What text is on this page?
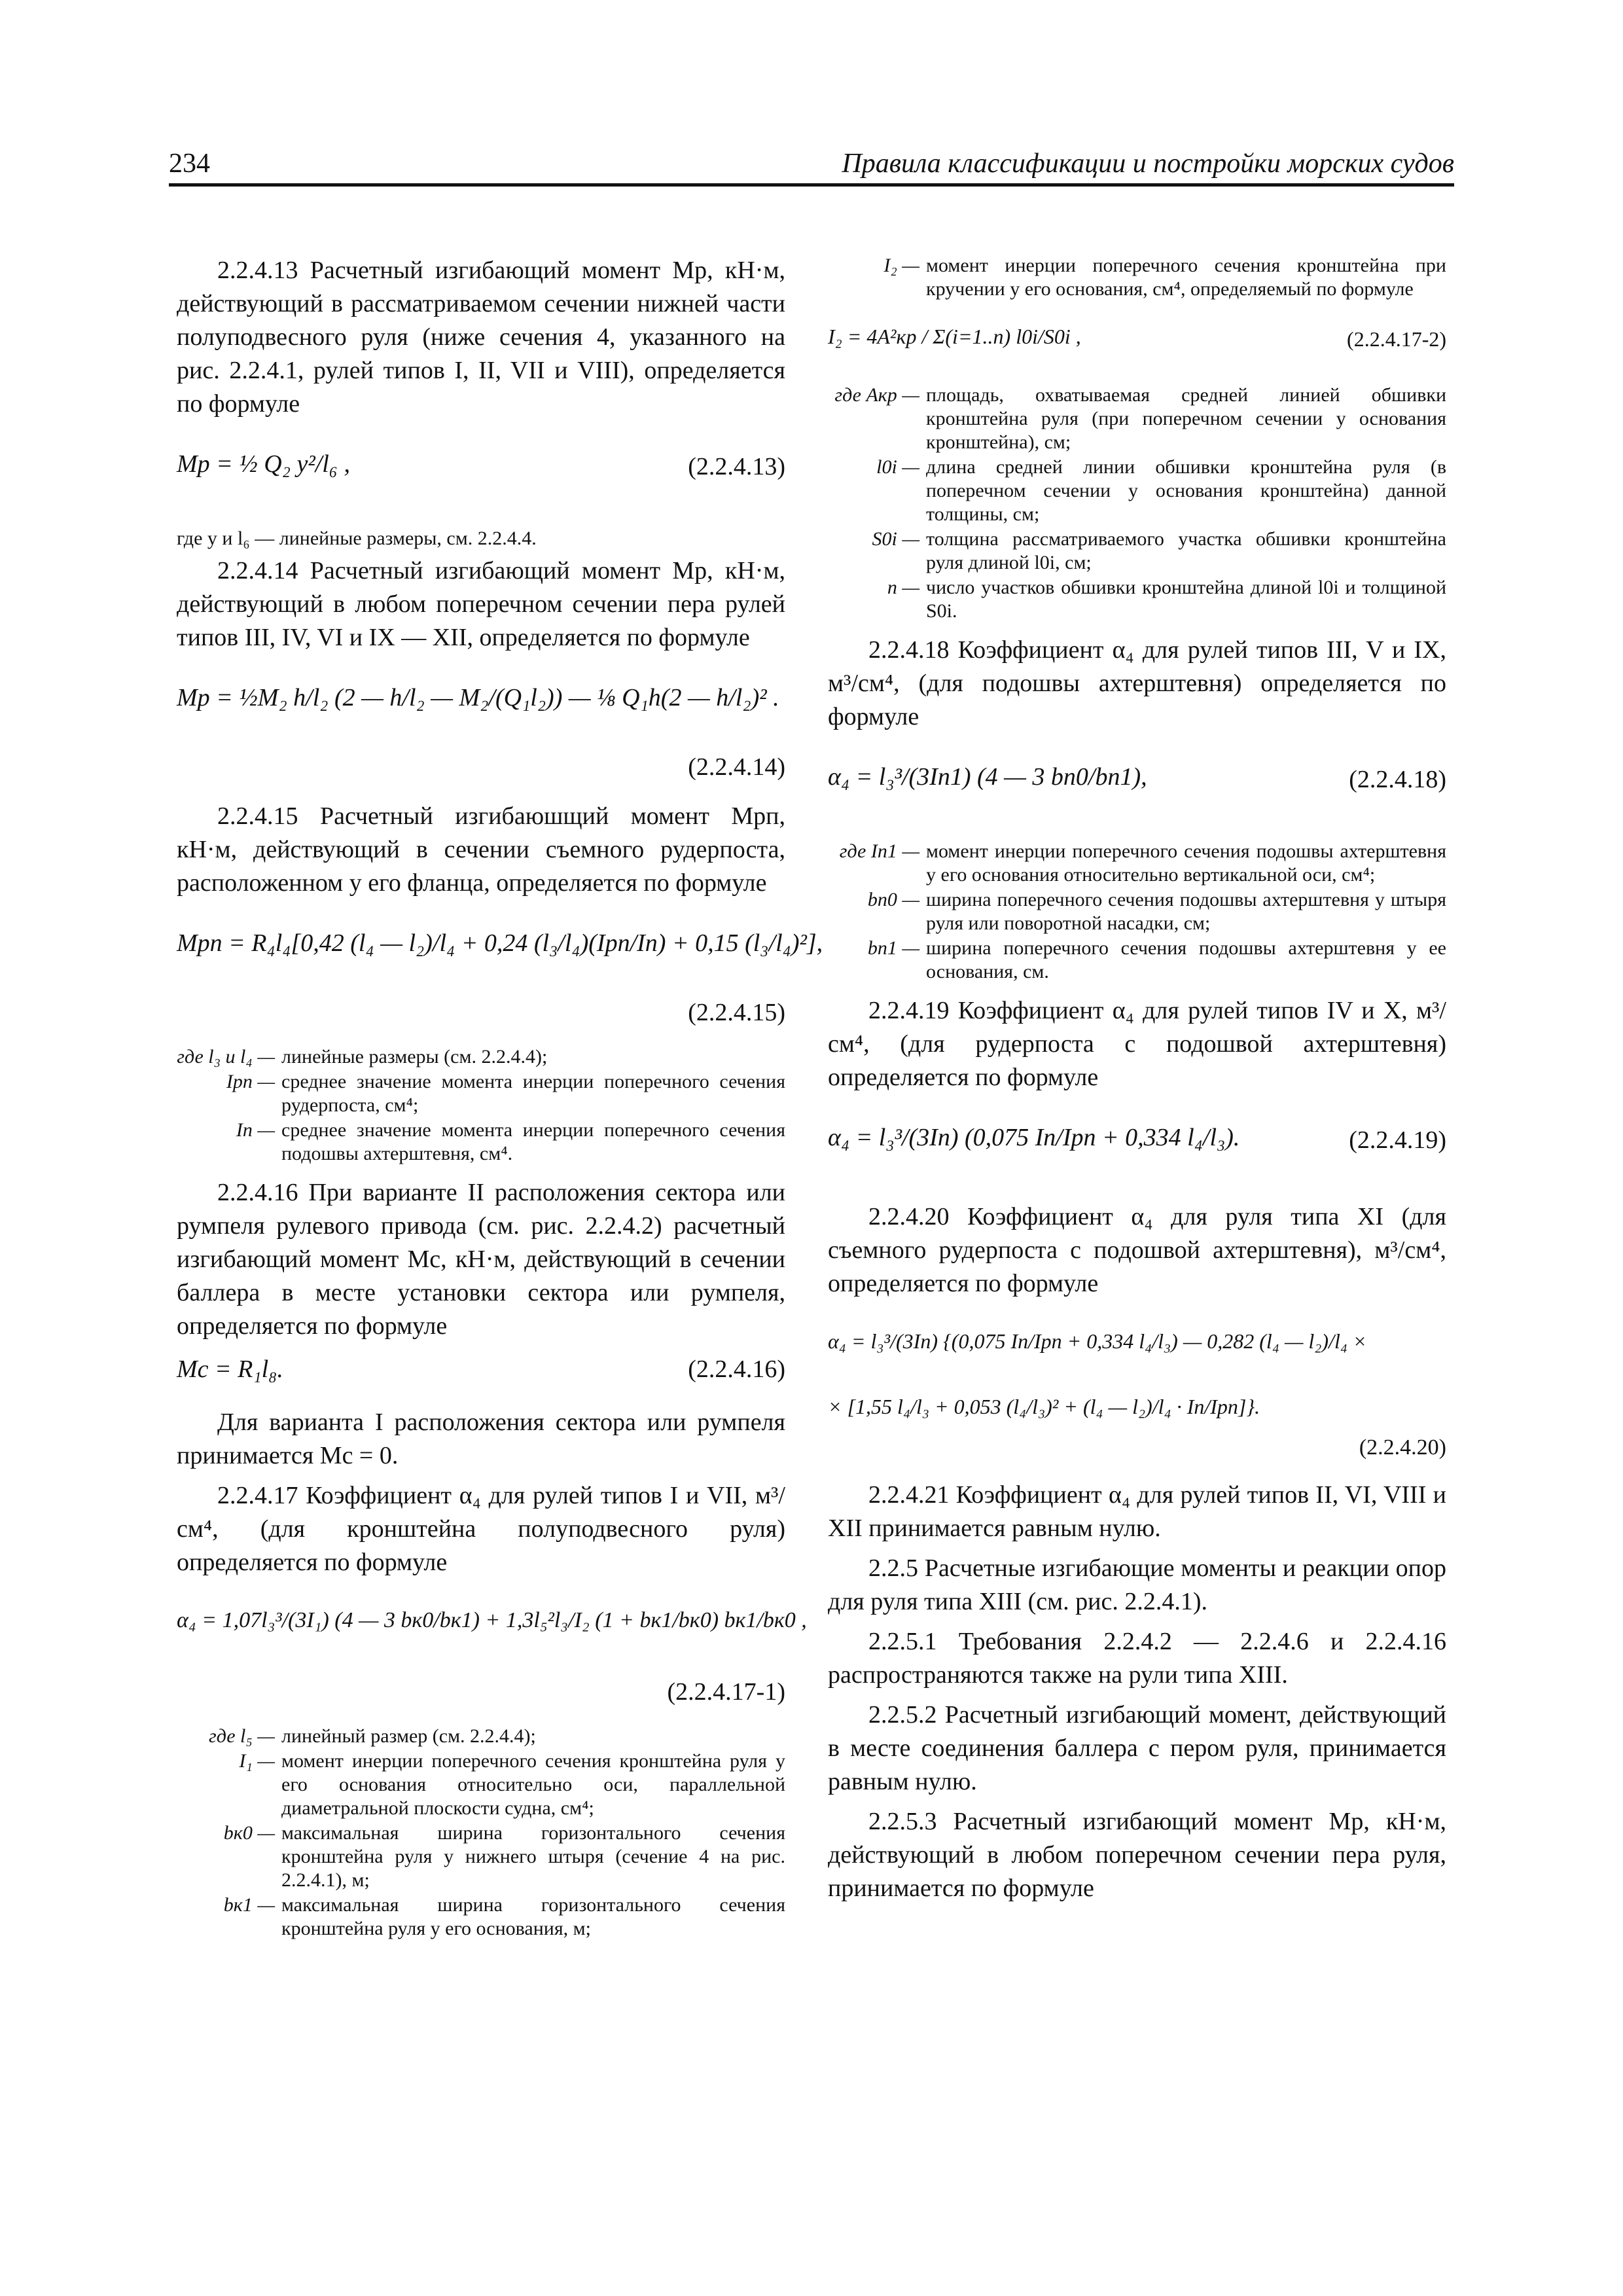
234	Правила классификации и постройки морских судов

2.2.4.13 Расчетный изгибающий момент Mр, кН·м, действующий в рассматриваемом сечении нижней части полуподвесного руля (ниже сечения 4, указанного на рис. 2.2.4.1, рулей типов I, II, VII и VIII), определяется по формуле

Mр = ½ Q₂ y²/l₆ ,	(2.2.4.13)

где y и l₆ — линейные размеры, см. 2.2.4.4.

2.2.4.14 Расчетный изгибающий момент Mр, кН·м, действующий в любом поперечном сечении пера рулей типов III, IV, VI и IX — XII, определяется по формуле

Mр = ½M₂ h/l₂ (2 — h/l₂ — M₂/(Q₁l₂)) — ⅛ Q₁h(2 — h/l₂)² .
(2.2.4.14)

2.2.4.15 Расчетный изгибаюшщий момент Mрп, кН·м, действующий в сечении съемного рудерпоста, расположенном у его фланца, определяется по формуле

Mрп = R₄l₄[0,42 (l₄ — l₂)/l₄ + 0,24 (l₃/l₄)(Iрп/Iп) + 0,15 (l₃/l₄)²],
(2.2.4.15)
где l₃ и l₄ — линейные размеры (см. 2.2.4.4);
Iрп — среднее значение момента инерции поперечного сечения рудерпоста, см⁴;
Iп — среднее значение момента инерции поперечного сечения подошвы ахтерштевня, см⁴.

2.2.4.16 При варианте II расположения сектора или румпеля рулевого привода (см. рис. 2.2.4.2) расчетный изгибающий момент Mс, кН·м, действующий в сечении баллера в месте установки сектора или румпеля, определяется по формуле

Mс = R₁l₈.	(2.2.4.16)

Для варианта I расположения сектора или румпеля принимается Mс = 0.

2.2.4.17 Коэффициент α₄ для рулей типов I и VII, м³/см⁴, (для кронштейна полуподвесного руля) определяется по формуле

α₄ = 1,07l₃³/(3I₁) (4 — 3 bк0/bк1) + 1,3l₅²l₃/I₂ (1 + bк1/bк0) bк1/bк0 ,
(2.2.4.17-1)
где l₅ — линейный размер (см. 2.2.4.4);
I₁ — момент инерции поперечного сечения кронштейна руля у его основания относительно оси, параллельной диаметральной плоскости судна, см⁴;
bк0 — максимальная ширина горизонтального сечения кронштейна руля у нижнего штыря (сечение 4 на рис. 2.2.4.1), м;
bк1 — максимальная ширина горизонтального сечения кронштейна руля у его основания, м;
I₂ — момент инерции поперечного сечения кронштейна при кручении у его основания, см⁴, определяемый по формуле
I₂ = 4A²кр / Σ(i=1..n) l0i/S0i ,	(2.2.4.17-2)
где Aкр — площадь, охватываемая средней линией обшивки кронштейна руля (при поперечном сечении у основания кронштейна), см;
l0i — длина средней линии обшивки кронштейна руля (в поперечном сечении у основания кронштейна) данной толщины, см;
S0i — толщина рассматриваемого участка обшивки кронштейна руля длиной l0i, см;
n — число участков обшивки кронштейна длиной l0i и толщиной S0i.

2.2.4.18 Коэффициент α₄ для рулей типов III, V и IX, м³/см⁴, (для подошвы ахтерштевня) определяется по формуле

α₄ = l₃³/(3Iп1) (4 — 3 bп0/bп1),	(2.2.4.18)
где Iп1 — момент инерции поперечного сечения подошвы ахтерштевня у его основания относительно вертикальной оси, см⁴;
bп0 — ширина поперечного сечения подошвы ахтерштевня у штыря руля или поворотной насадки, см;
bп1 — ширина поперечного сечения подошвы ахтерштевня у ее основания, см.

2.2.4.19 Коэффициент α₄ для рулей типов IV и X, м³/см⁴, (для рудерпоста с подошвой ахтерштевня) определяется по формуле

α₄ = l₃³/(3Iп) (0,075 Iп/Iрп + 0,334 l₄/l₃).	(2.2.4.19)

2.2.4.20 Коэффициент α₄ для руля типа XI (для съемного рудерпоста с подошвой ахтерштевня), м³/см⁴, определяется по формуле

α₄ = l₃³/(3Iп) {(0,075 Iп/Iрп + 0,334 l₄/l₃) — 0,282 (l₄ — l₂)/l₄ ×
× [1,55 l₄/l₃ + 0,053 (l₄/l₃)² + (l₄ — l₂)/l₄ · Iп/Iрп]}.
(2.2.4.20)

2.2.4.21 Коэффициент α₄ для рулей типов II, VI, VIII и XII принимается равным нулю.

2.2.5 Расчетные изгибающие моменты и реакции опор для руля типа XIII (см. рис. 2.2.4.1).

2.2.5.1 Требования 2.2.4.2 — 2.2.4.6 и 2.2.4.16 распространяются также на рули типа XIII.

2.2.5.2 Расчетный изгибающий момент, действующий в месте соединения баллера с пером руля, принимается равным нулю.

2.2.5.3 Расчетный изгибающий момент Mр, кН·м, действующий в любом поперечном сечении пера руля, принимается по формуле
